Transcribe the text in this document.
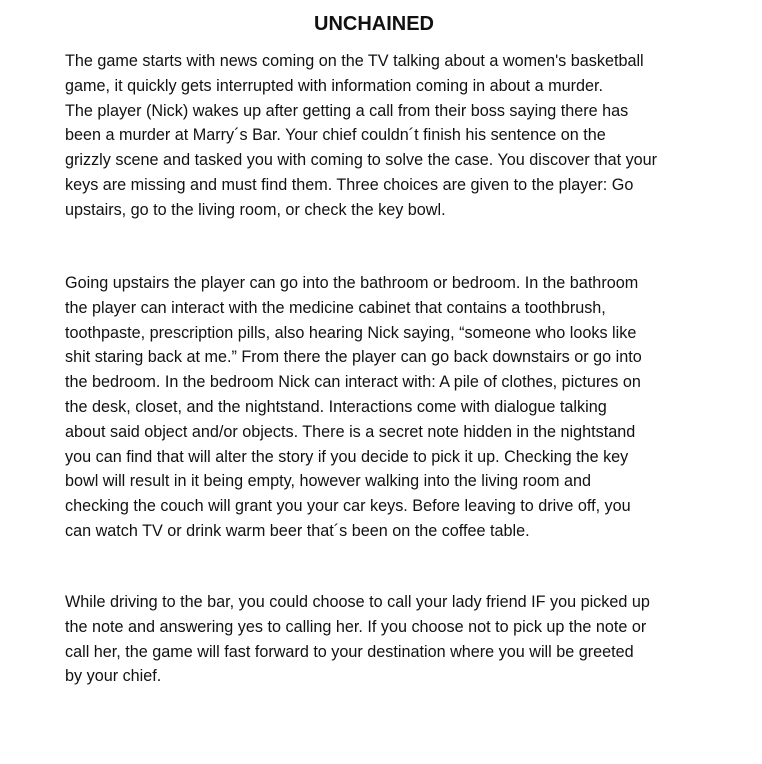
UNCHAINED
The game starts with news coming on the TV talking about a women's basketball
game, it quickly gets interrupted with information coming in about a murder.
The player (Nick) wakes up after getting a call from their boss saying there has
been a murder at Marry´s Bar. Your chief couldn´t finish his sentence on the
grizzly scene and tasked you with coming to solve the case. You discover that your
keys are missing and must find them. Three choices are given to the player: Go
upstairs, go to the living room, or check the key bowl.
Going upstairs the player can go into the bathroom or bedroom. In the bathroom
the player can interact with the medicine cabinet that contains a toothbrush,
toothpaste, prescription pills, also hearing Nick saying, “someone who looks like
shit staring back at me.” From there the player can go back downstairs or go into
the bedroom. In the bedroom Nick can interact with: A pile of clothes, pictures on
the desk, closet, and the nightstand. Interactions come with dialogue talking
about said object and/or objects. There is a secret note hidden in the nightstand
you can find that will alter the story if you decide to pick it up. Checking the key
bowl will result in it being empty, however walking into the living room and
checking the couch will grant you your car keys. Before leaving to drive off, you
can watch TV or drink warm beer that´s been on the coffee table.
While driving to the bar, you could choose to call your lady friend IF you picked up
the note and answering yes to calling her. If you choose not to pick up the note or
call her, the game will fast forward to your destination where you will be greeted
by your chief.
